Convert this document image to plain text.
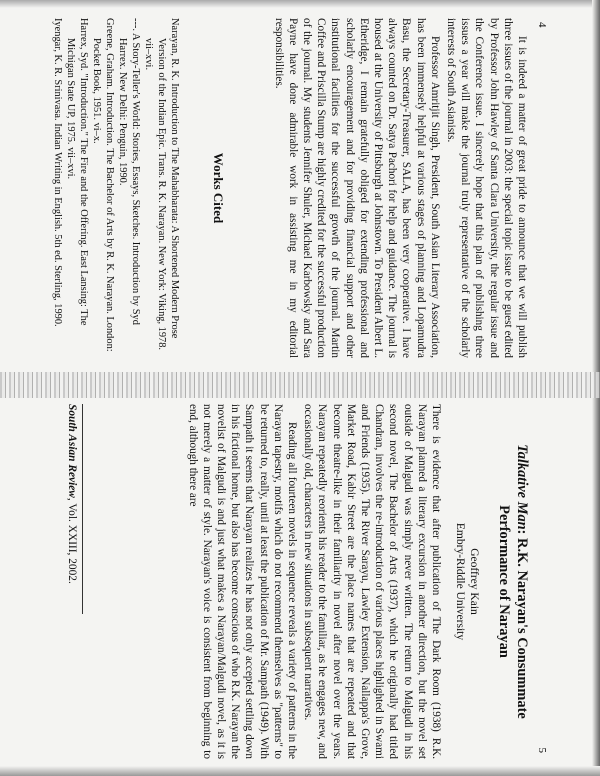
4

It is indeed a matter of great pride to announce that we will publish three issues of the journal in 2003: the special topic issue to be guest edited by Professor John Hawley of Santa Clara University, the regular issue and the Conference issue. I sincerely hope that this plan of publishing three issues a year will make the journal truly representative of the scholarly interests of South Asianists.

Professor Amritjit Singh, President, South Asian Literary Association, has been immensely helpful at various stages of planning and Lopamudra Basu, the Secretary-Treasurer, SALA, has been very cooperative. I have always counted on Dr. Satya Pachori for help and guidance. The journal is housed at the University of Pittsburgh at Johnstown. To President Albert L. Etheridge, I remain gratefully obliged for extending professional and scholarly encouragement and for providing financial support and other institutional facilities for the successful growth of the journal. Martin Coffee and Priscilla Stump are highly credited for the successful production of the journal. My students Jennifer Shuler, Michael Karbowsky and Sara Payne have done admirable work in assisting me in my editorial responsibilities.

Works Cited

Narayan, R. K. Introduction to The Mahabharata: A Shortened Modern Prose Version of the Indian Epic. Trans. R. K. Narayan. New York: Viking, 1978. vii–xvi.

---. A Story-Teller's World: Stories, Essays, Sketches. Introduction by Syd Harrex. New Delhi: Penguin, 1990.

Greene, Graham. Introduction. The Bachelor of Arts by R. K. Narayan. London: Pocket Book, 1951. vi–x.

Harrex, Syd. "Introduction." The Fire and the Offering. East Lansing: The Michigan State UP, 1975. vii–xvi.

Iyengar, K. R. Srinivasa. Indian Writing in English. 5th ed. Sterling, 1990.

5
Talkative Man: R.K. Narayan's Consummate Performance of Narayan

Geoffrey Kain

Embry-Riddle University

There is evidence that after publication of The Dark Room (1938) R.K. Narayan planned a literary excursion in another direction, but the novel set outside of Malgudi was simply never written. The return to Malgudi in his second novel, The Bachelor of Arts (1937), which he originally had titled Chandran, involves the re-introduction of various places highlighted in Swami and Friends (1935). The River Sarayu, Lawley Extension, Nallappa's Grove, Market Road, Kabir Street are the place names that are repeated and that become theatre-like in their familiarity in novel after novel over the years. Narayan repeatedly reorients his reader to the familiar, as he engages new, and occasionally old, characters in new situations in subsequent narratives.

Reading all fourteen novels in sequence reveals a variety of patterns in the Narayan tapestry, motifs which do not recommend themselves as "patterns" to be returned to, really, until at least the publication of Mr. Sampath (1949). With Sampath it seems that Narayan realizes he has not only accepted settling down in his fictional home, but also has become conscious of who R.K. Narayan the novelist of Malgudi is and just what makes a Narayan/Malgudi novel, as it is not merely a matter of style. Narayan's voice is consistent from beginning to end, although there are

South Asian Review, Vol. XXIII, 2002.
